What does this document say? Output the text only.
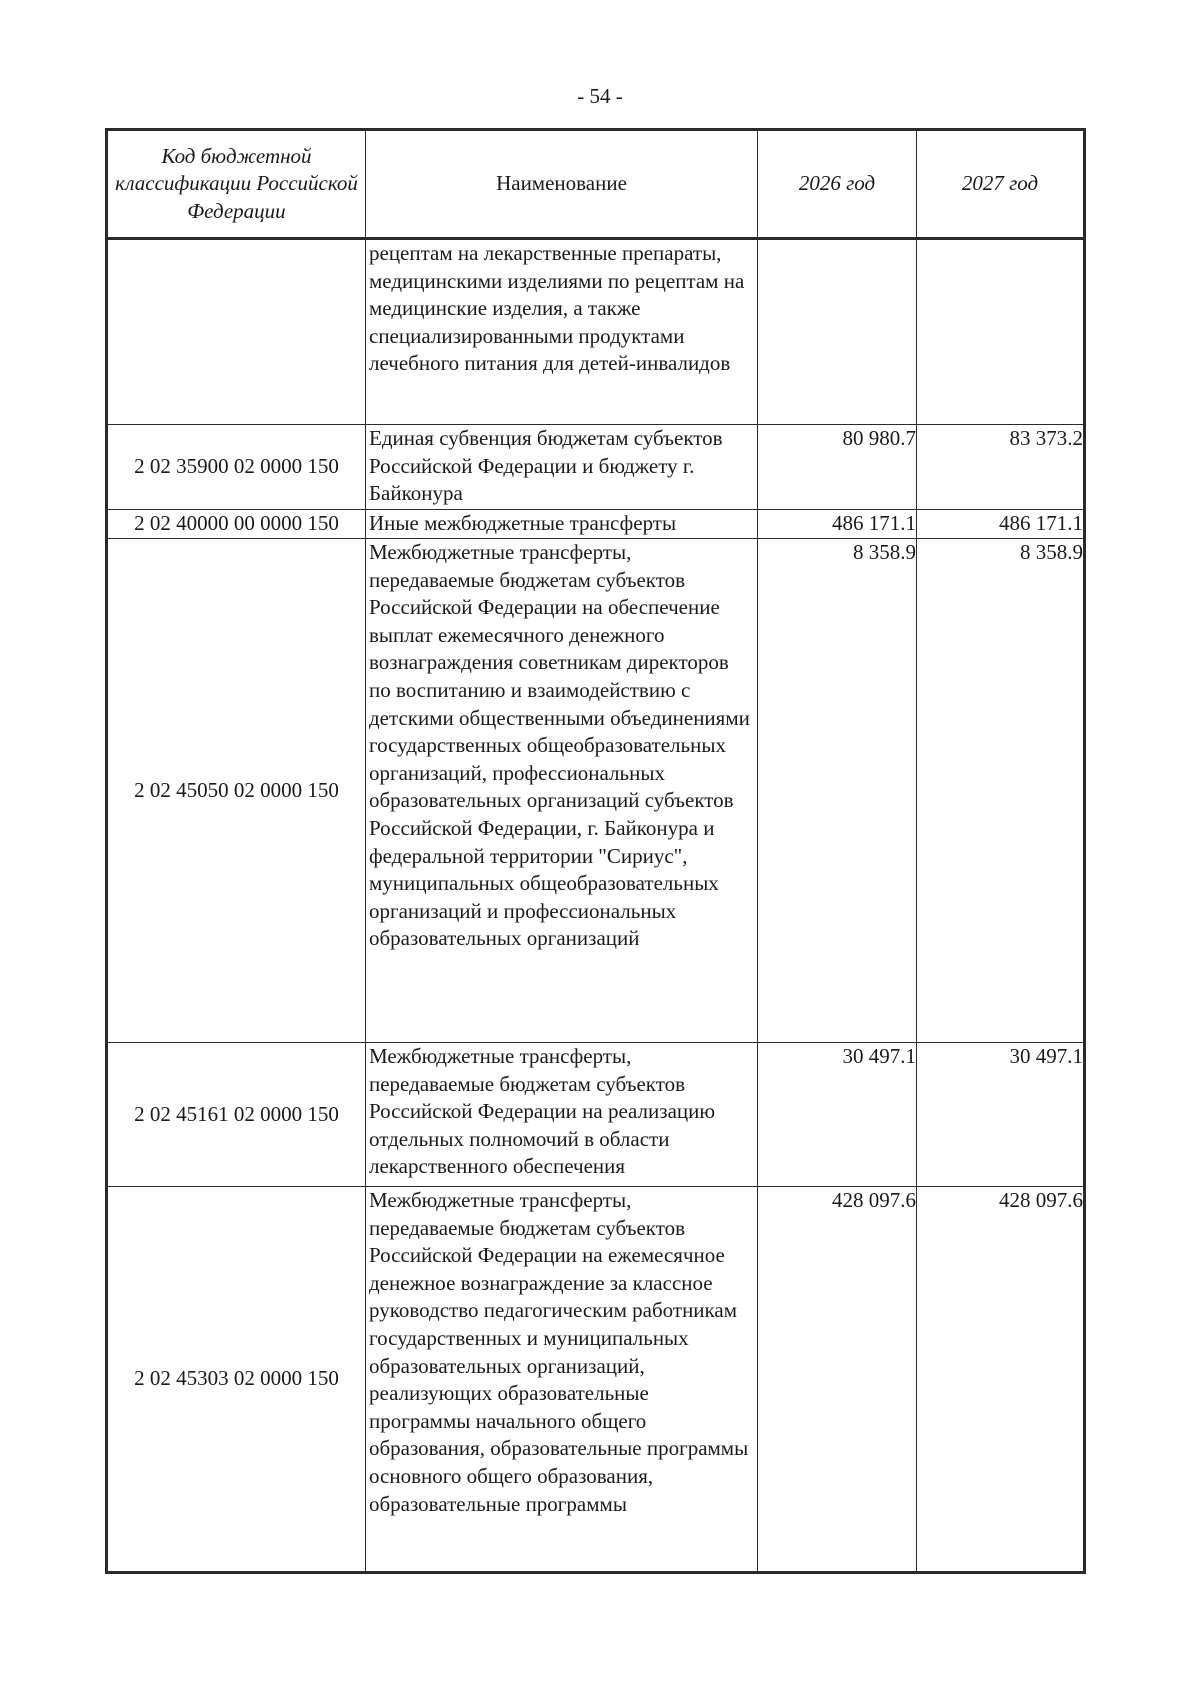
- 54 -
Код бюджетной классификации Российской Федерации	Наименование	2026 год	2027 год
	рецептам на лекарственные препараты, медицинскими изделиями по рецептам на медицинские изделия, а также специализированными продуктами лечебного питания для детей-инвалидов		
2 02 35900 02 0000 150	Единая субвенция бюджетам субъектов Российской Федерации и бюджету г. Байконура	80 980.7	83 373.2
2 02 40000 00 0000 150	Иные межбюджетные трансферты	486 171.1	486 171.1
2 02 45050 02 0000 150	Межбюджетные трансферты, передаваемые бюджетам субъектов Российской Федерации на обеспечение выплат ежемесячного денежного вознаграждения советникам директоров по воспитанию и взаимодействию с детскими общественными объединениями государственных общеобразовательных организаций, профессиональных образовательных организаций субъектов Российской Федерации, г. Байконура и федеральной территории "Сириус", муниципальных общеобразовательных организаций и профессиональных образовательных организаций	8 358.9	8 358.9
2 02 45161 02 0000 150	Межбюджетные трансферты, передаваемые бюджетам субъектов Российской Федерации на реализацию отдельных полномочий в области лекарственного обеспечения	30 497.1	30 497.1
2 02 45303 02 0000 150	Межбюджетные трансферты, передаваемые бюджетам субъектов Российской Федерации на ежемесячное денежное вознаграждение за классное руководство педагогическим работникам государственных и муниципальных образовательных организаций, реализующих образовательные программы начального общего образования, образовательные программы основного общего образования, образовательные программы	428 097.6	428 097.6
